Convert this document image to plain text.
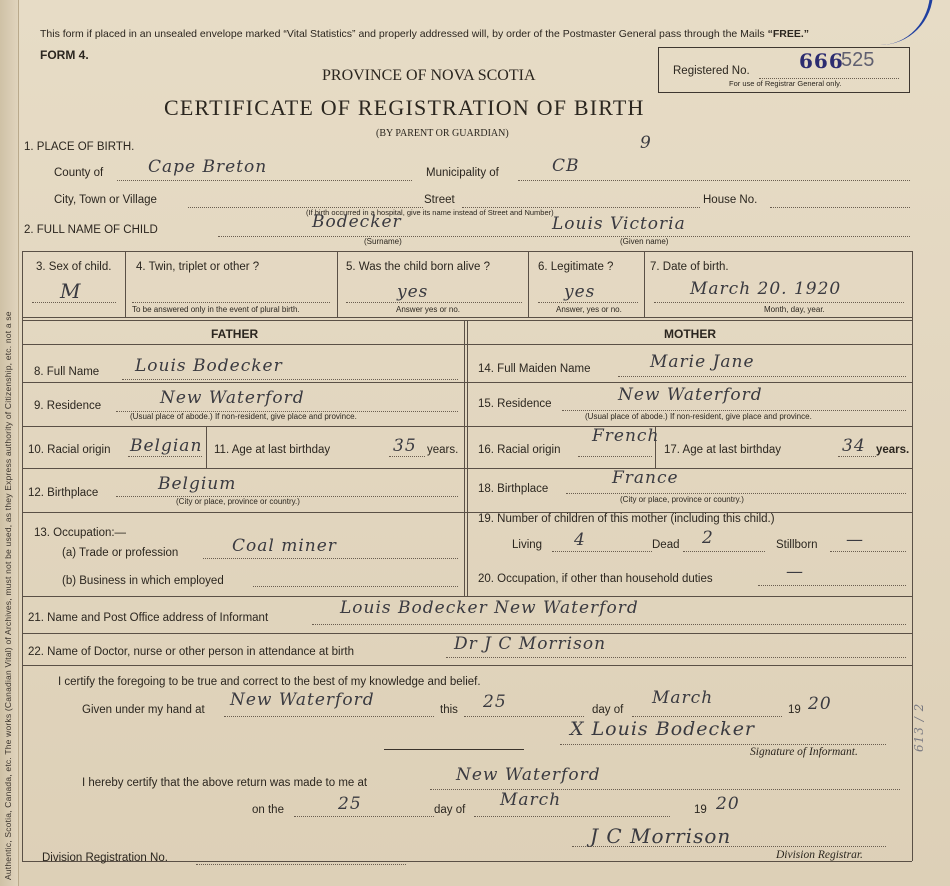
Authentic, Scotia, Canada, etc. The works (Canadian Vital) of Archives, must not be used, as they Express authority of Citizenship, etc. not a se
This form if placed in an unsealed envelope marked “Vital Statistics” and properly addressed will, by order of the Postmaster General pass through the Mails “FREE.”
FORM 4.
PROVINCE OF NOVA SCOTIA
CERTIFICATE OF REGISTRATION OF BIRTH
(BY PARENT OR GUARDIAN)
Registered No. 666
525
For use of Registrar General only.
1. PLACE OF BIRTH.	9
County of	Cape Breton	Municipality of	CB
City, Town or Village	Street	House No.
(If birth occurred in a hospital, give its name instead of Street and Number)
2. FULL NAME OF CHILD	Bodecker	Louis Victoria
(Surname)	(Given name)
3. Sex of child.
M
4. Twin, triplet or other ?
To be answered only in the event of plural birth.
5. Was the child born alive ?
yes
Answer yes or no.
6. Legitimate ?
yes
Answer, yes or no.
7. Date of birth.
March 20. 1920
Month, day, year.
FATHER	MOTHER
8. Full Name Louis Bodecker
9. Residence	New Waterford
(Usual place of abode.) If non-resident, give place and province.
10. Racial origin Belgian 11. Age at last birthday	35 years.
12. Birthplace	Belgium
(City or place, province or country.)
13. Occupation:—
(a) Trade or profession	Coal miner
(b) Business in which employed
14. Full Maiden Name	Marie Jane
15. Residence	New Waterford
(Usual place of abode.) If non-resident, give place and province.
16. Racial origin
French
17. Age at last birthday	34 years.
18. Birthplace
France
(City or place, province or country.)
19. Number of children of this mother (including this child.)
Living 4	Dead 2	Stillborn —
20. Occupation, if other than household duties	—
21. Name and Post Office address of Informant	Louis Bodecker New Waterford
22. Name of Doctor, nurse or other person in attendance at birth	Dr J C Morrison
I certify the foregoing to be true and correct to the best of my knowledge and belief.
Given under my hand at New Waterford	this 25	day of
March
19 20
X Louis Bodecker
Signature of Informant.
I hereby certify that the above return was made to me at	New Waterford
on the	25	day of March	19 20
J C Morrison
Division Registrar.
Division Registration No.
613 / 2
